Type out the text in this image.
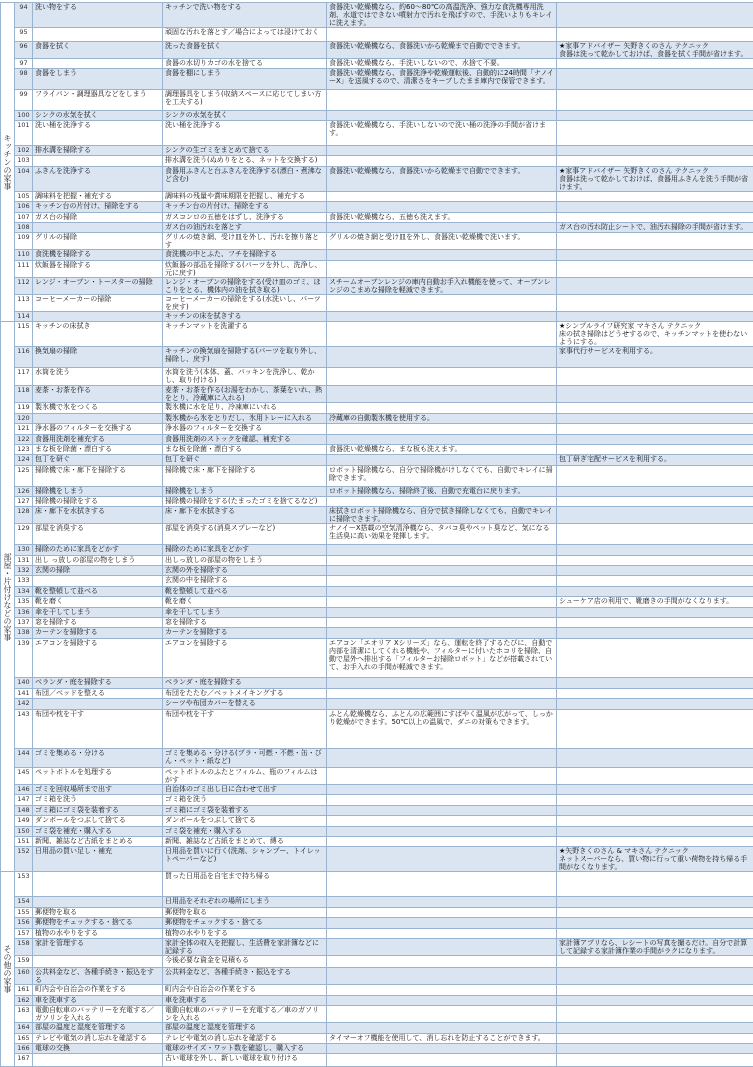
キッチンの家事	94	洗い物をする	キッチンで洗い物をする	食器洗い乾燥機なら、約60～80℃の高温洗浄、強力な食洗機専用洗剤、水道ではできない噴射力で汚れを飛ばすので、手洗いよりもキレイに洗えます。	
	95		頑固な汚れを落とす／場合によっては浸けておく		
	96	食器を拭く	洗った食器を拭く	食器洗い乾燥機なら、食器洗いから乾燥まで自動でできます。	★家事アドバイザー 矢野きくのさん テクニック
食器は洗って乾かしておけば、食器を拭く手間が省けます。

	97		食器の水切りカゴの水を捨てる	食器洗い乾燥機なら、手洗いしないので、水捨て不要。	
	98	食器をしまう	食器を棚にしまう	食器洗い乾燥機なら、食器洗浄や乾燥運転後、自動的に24時間「ナノイーX」を送風するので、清潔さをキープしたまま庫内で保管できます。	
	99	フライパン・調理器具などをしまう	調理器具をしまう(収納スペースに応じてしまい方を工夫する)		
	100	シンクの水気を拭く	シンクの水気を拭く		
	101	洗い桶を洗浄する	洗い桶を洗浄する	食器洗い乾燥機なら、手洗いしないので洗い桶の洗浄の手間が省けます。	
	102	排水溝を掃除する	シンクの生ゴミをまとめて捨てる		
	103		排水溝を洗う(ぬめりをとる、ネットを交換する)		
	104	ふきんを洗浄する	食器用ふきんと台ふきんを洗浄する(漂白・煮沸など含む)	食器洗い乾燥機なら、食器洗いから乾燥まで自動でできます。	★家事アドバイザー 矢野きくのさん テクニック
食器は洗って乾かしておけば、食器用ふきんを洗う手間が省けます。

	105	調味料を把握・補充する	調味料の残量や賞味期限を把握し、補充する		
	106	キッチン台の片付け、掃除をする	キッチン台の片付け、掃除をする		
	107	ガス台の掃除	ガスコンロの五徳をはずし、洗浄する	食器洗い乾燥機なら、五徳も洗えます。	
	108		ガス台の油汚れを落とす		ガス台の汚れ防止シートで、油汚れ掃除の手間が省けます。
	109	グリルの掃除	グリルの焼き網、受け皿を外し、汚れを擦り落とす	グリルの焼き網と受け皿を外し、食器洗い乾燥機で洗います。	
	110	食洗機を掃除する	食洗機の中とふた、フチを掃除する		
	111	炊飯器を掃除する	炊飯器の部品を掃除する(パーツを外し、洗浄し、元に戻す)		
	112	レンジ・オーブン・トースターの掃除	レンジ・オーブンの掃除をする(受け皿のゴミ、ほこりをとる、機体内の油を拭き取る)	スチームオーブンレンジの庫内自動お手入れ機能を使って、オーブンレンジのこまめな掃除を軽減できます。	
	113	コーヒーメーカーの掃除	コーヒーメーカーの掃除をする(水洗いし、パーツを戻す)		
	114		キッチンの床を拭きする		

部屋・片付けなどの家事	115	キッチンの床拭き	キッチンマットを洗濯する		★シンプルライフ研究家 マキさん テクニック
床の拭き掃除はどうせするので、キッチンマットを使わないようにする。

	116	換気扇の掃除	キッチンの換気扇を掃除する(パーツを取り外し、掃除し、戻す)		家事代行サービスを利用する。
	117	水筒を洗う	水筒を洗う(本体、蓋、パッキンを洗浄し、乾かし、取り付ける)		
	118	麦茶・お茶を作る	麦茶・お茶を作る(お湯をわかし、茶葉をいれ、熱をとり、冷蔵庫に入れる)		
	119	製氷機で氷をつくる	製氷機に水を足り、冷凍庫にいれる		
	120		製氷機から氷をとりだし、氷用トレーに入れる	冷蔵庫の自動製氷機を使用する。	
	121	浄水器のフィルターを交換する	浄水器のフィルターを交換する		
	122	食器用洗剤を補充する	食器用洗剤のストックを確認、補充する		
	123	まな板を除菌・漂白する	まな板を除菌・漂白する	食器洗い乾燥機なら、まな板も洗えます。	
	124	包丁を研ぐ	包丁を研ぐ		包丁研ぎ宅配サービスを利用する。
	125	掃除機で床・廊下を掃除する	掃除機で床・廊下を掃除する	ロボット掃除機なら、自分で掃除機がけしなくても、自動でキレイに掃除できます。	
	126	掃除機をしまう	掃除機をしまう	ロボット掃除機なら、掃除終了後、自動で充電台に戻ります。	
	127	掃除機の掃除をする	掃除機の掃除をする(たまったゴミを捨てるなど)		
	128	床・廊下を水拭きする	床・廊下を水拭きする	床拭きロボット掃除機なら、自分で拭き掃除しなくても、自動でキレイに掃除できます。	
	129	部屋を消臭する	部屋を消臭する(消臭スプレーなど)	ナノイーX搭載の空気清浄機なら、タバコ臭やペット臭など、気になる生活臭に高い効果を発揮します。	
	130	掃除のために家具をどかす	掃除のために家具をどかす		
	131	出し っ放しの部屋の物をしまう	出しっ放しの部屋の物をしまう		
	132	玄関の掃除	玄関の外を掃除する		
	133		玄関の中を掃除する		
	134	靴を整頓して並べる	靴を整頓して並べる		
	135	靴を磨く	靴を磨く		シューケア店の利用で、靴磨きの手間がなくなります。
	136	傘を干してしまう	傘を干してしまう		
	137	窓を掃除する	窓を掃除する		
	138	カーテンを掃除する	カーテンを掃除する		
	139	エアコンを掃除する	エアコンを掃除する	エアコン「エオリア Xシリーズ」なら、運転を終了するたびに、自動で内部を清潔にしてくれる機能や、フィルターに付いたホコリを掃除、自動で屋外へ排出する「フィルターお掃除ロボット」などが搭載されていて、お手入れの手間が軽減できます。	
	140	ベランダ・庭を掃除する	ベランダ・庭を掃除する		
	141	布団／ベッドを整える	布団をたたむ／ベットメイキングする		
	142		シーツや布団カバーを替える		
	143	布団や枕を干す	布団や枕を干す	ふとん乾燥機なら、ふとんの広範囲にすばやく温風が広がって、しっかり乾燥ができます。50℃以上の温風で、ダニの対策もできます。	
	144	ゴミを集める・分ける	ゴミを集める・分ける(プラ・可燃・不燃・缶・びん・ペット・紙など)		
	145	ペットボトルを処理する	ペットボトルのふたとフィルム、瓶のフィルムはがす		
	146	ゴミを回収場所まで出す	自治体のゴミ出し日に合わせて出す		
	147	ゴミ箱を洗う	ゴミ箱を洗う		
	148	ゴミ箱にゴミ袋を装着する	ゴミ箱にゴミ袋を装着する		
	149	ダンボールをつぶして捨てる	ダンボールをつぶして捨てる		
	150	ゴミ袋を補充・購入する	ゴミ袋を補充・購入する		
	151	新聞、雑誌など古紙をまとめる	新聞、雑誌など古紙をまとめて、縛る		
	152	日用品の買い足し・補充	日用品を買いに行く(洗剤、シャンプー、トイレットペーパーなど)		★矢野きくのさん & マキさん テクニック
ネットスーパーなら、買い物に行って重い荷物を持ち帰る手間がなくなります。

その他の家事	153		買った日用品を自宅まで持ち帰る		
	154		日用品をそれぞれの場所にしまう		
	155	郵便物を取る	郵便物を取る		
	156	郵便物をチェックする・捨てる	郵便物をチェックする・捨てる		
	157	植物の水やりをする	植物の水やりをする		
	158	家計を管理する	家計全体の収入を把握し、生活費を家計簿などに記録する		家計簿アプリなら、レシートの写真を撮るだけ。自分で計算して記録する家計簿作業の手間がラクになります。
	159		今後必要な資金を見積もる		
	160	公共料金など、各種手続き・振込をする	公共料金など、各種手続き・振込をする		
	161	町内会や自治会の作業をする	町内会や自治会の作業をする		
	162	車を洗車する	車を洗車する		
	163	電動自転車のバッテリーを充電する／ガソリンを入れる	電動自転車のバッテリーを充電する／車のガソリンを入れる		
	164	部屋の温度と湿度を管理する	部屋の温度と湿度を管理する		
	165	テレビや電気の消し忘れを確認する	テレビや電気の消し忘れを確認する	タイマーオフ機能を使用して、消し忘れを防止することができます。	
	166	電球の交換	電球のサイズ・ワット数を確認し、購入する		
	167		古い電球を外し、新しい電球を取り付ける		
